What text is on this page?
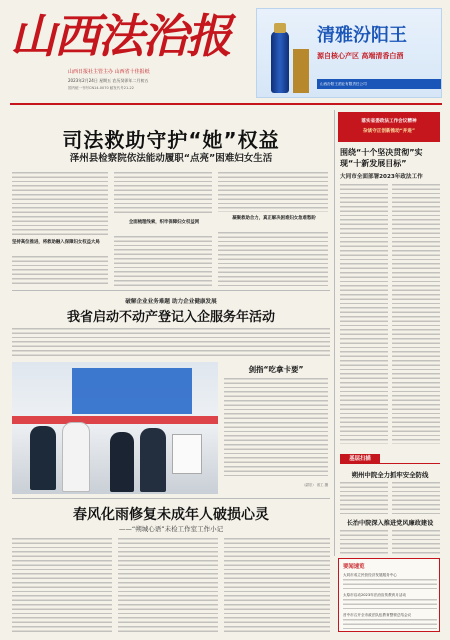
山西法治报
山西日报社主管主办 山西省十佳报纸
2023年2月24日 星期五 农历癸卯年二月初五
国内统一刊号CN14-0070 邮发代号21-22
清雅汾阳王
源自核心产区 高端清香白酒
山西汾阳王酒业有限责任公司
司法救助守护“她”权益
泽州县检察院依法能动履职“点亮”困难妇女生活
坚持高位推进，将救助融入保障妇女权益大局
全面梳理线索，织牢保障妇女权益网
凝聚救助合力，真正解决困难妇女急难愁盼
落实省委政法工作会议精神
杂谈守正创新推动“并进”
围绕“十个坚决贯彻”实现“十新发展目标”
大同市全面部署2023年政法工作
破解企业业务难题 助力企业健康发展
我省启动不动产登记入企服务年活动
剑指“吃拿卡要”
（尉宗） 省工 摄
春风化雨修复未成年人破损心灵
——“朔城心语”未检工作室工作小记
基层扫描
朔州中院全力抓牢安全防线
长治中院深入推进党风廉政建设
要闻速览
大同市成立民营经济发展服务中心
太原市启动2023年法治宣传教育月活动
晋中市召开全市政法队伍教育整顿总结会议
